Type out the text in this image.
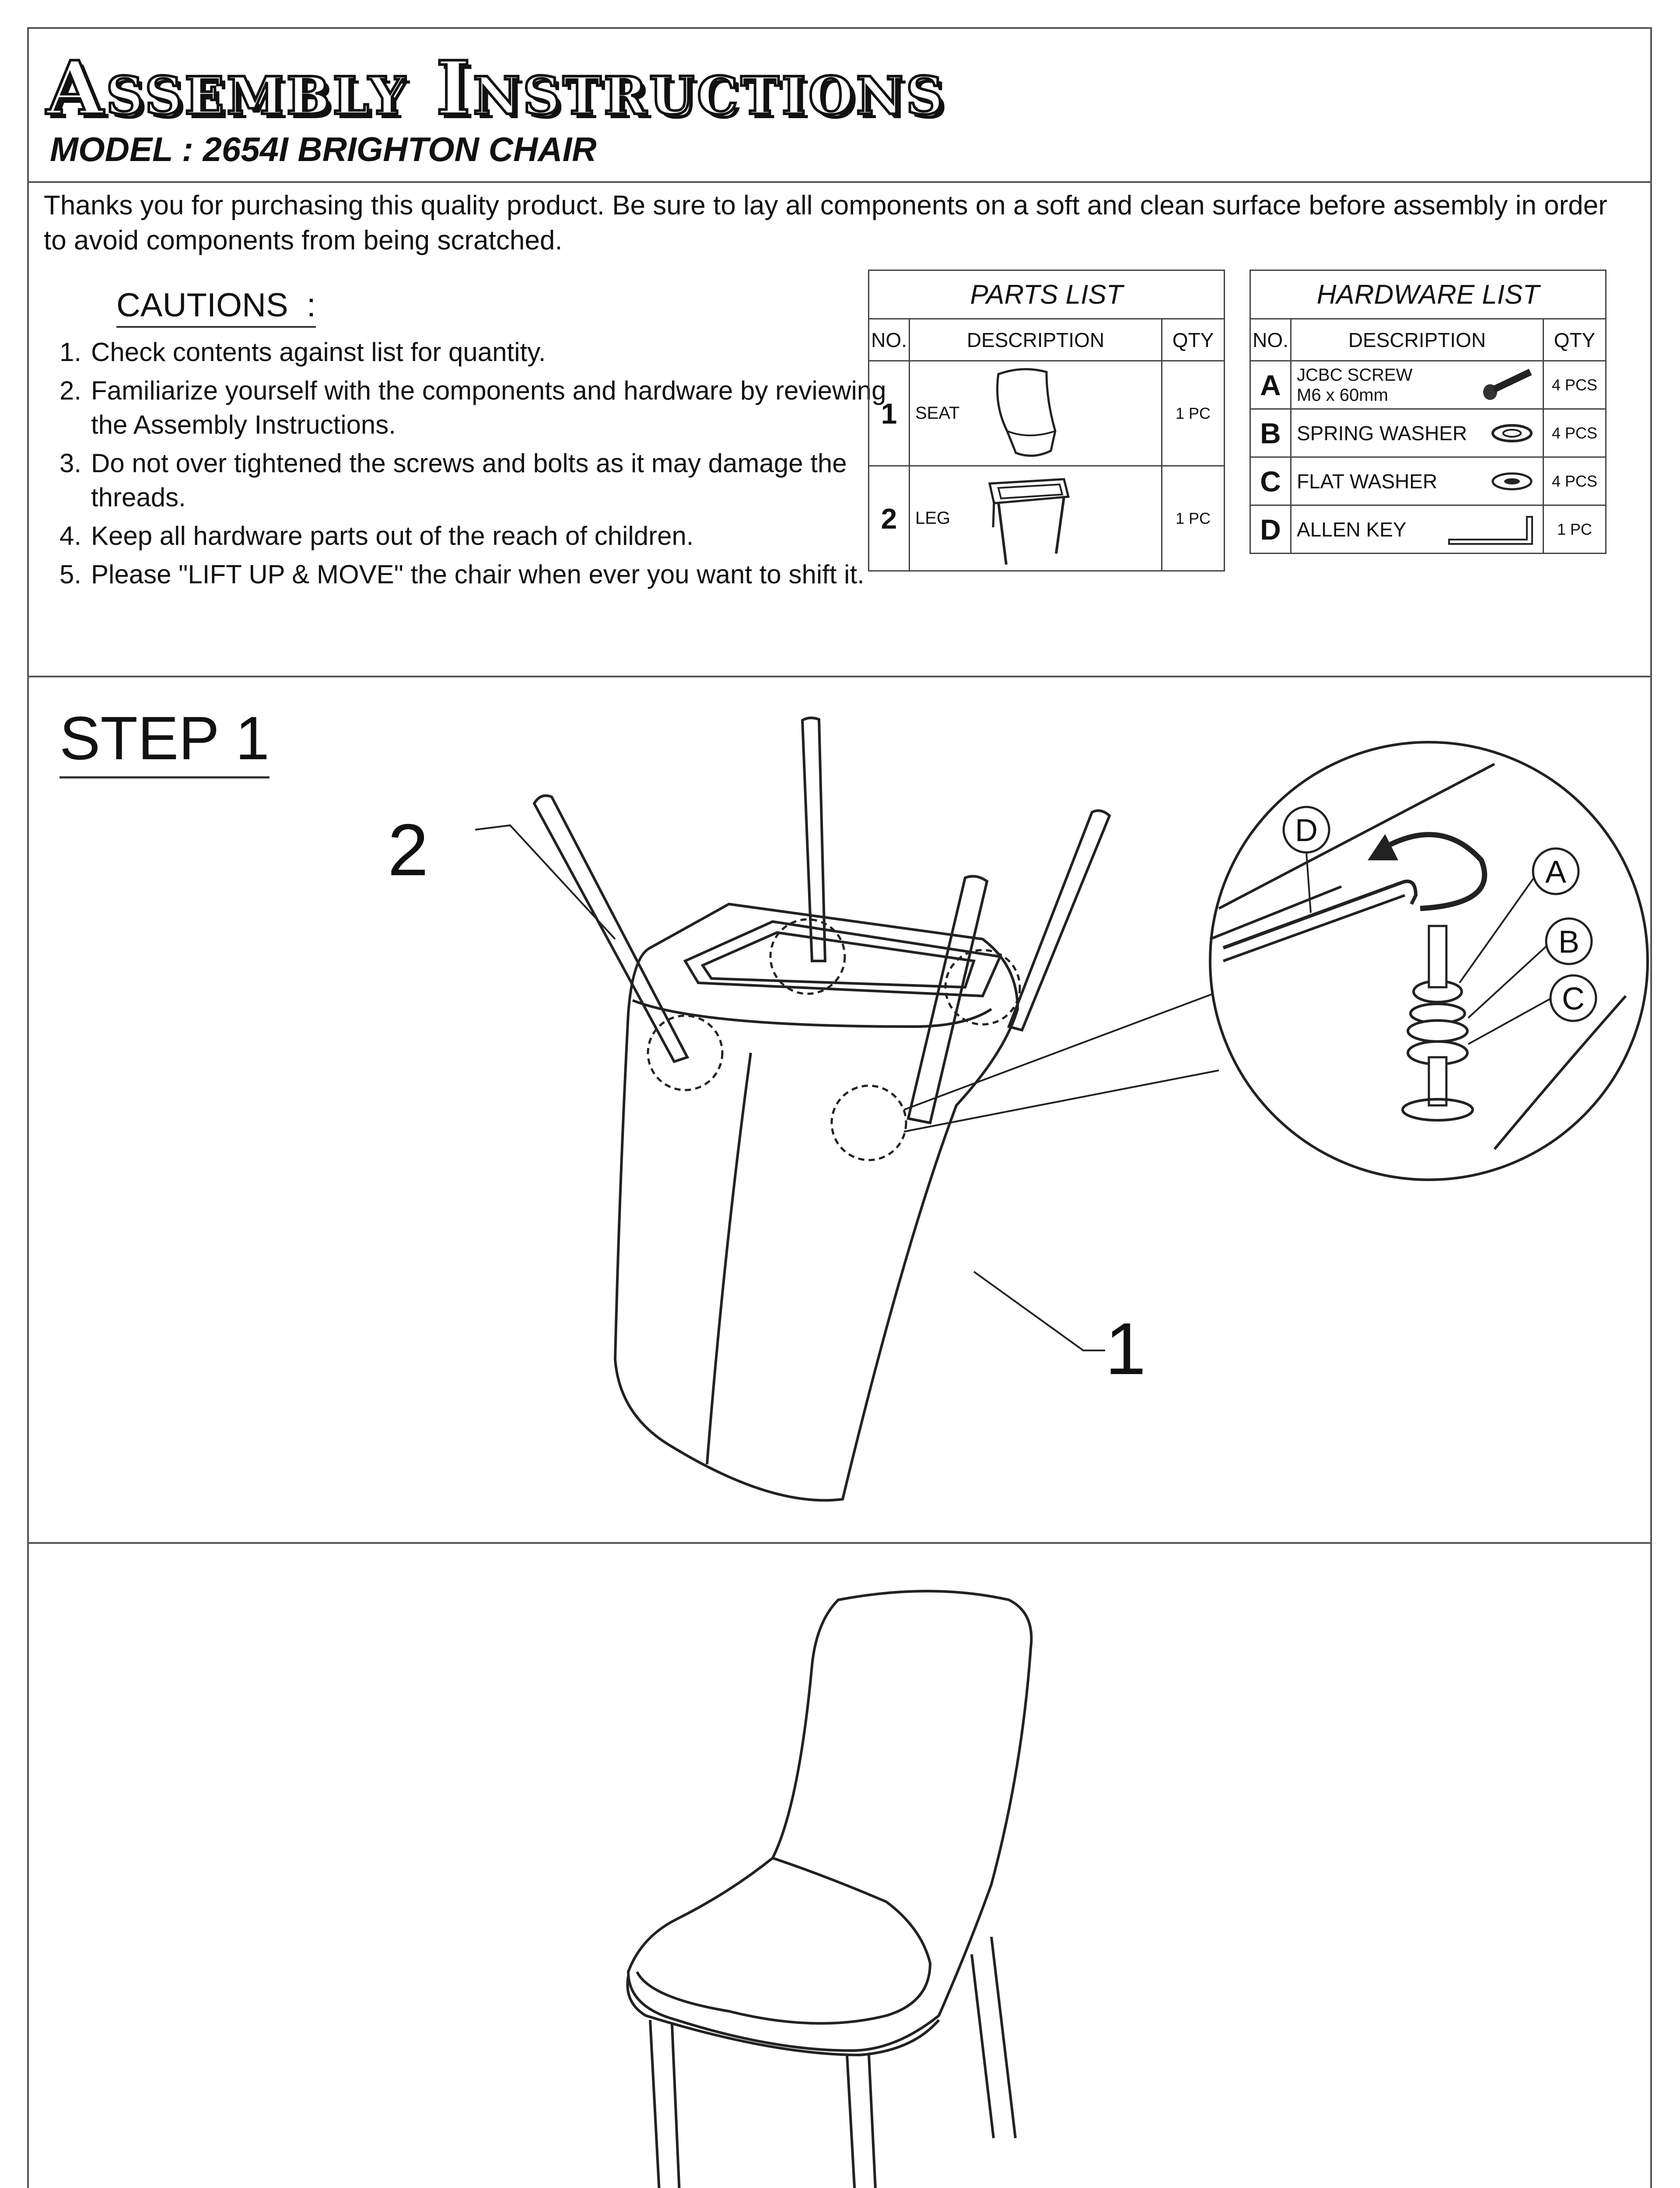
Assembly Instructions
MODEL : 2654I BRIGHTON CHAIR
Thanks you for purchasing this quality product. Be sure to lay all components on a soft and clean surface before assembly in order to avoid components from being scratched.
CAUTIONS  :
1. Check contents against list for quantity.
2. Familiarize yourself with the components and hardware by reviewing the Assembly Instructions.
3. Do not over tightened the screws and bolts as it may damage the threads.
4. Keep all hardware parts out of the reach of children.
5. Please "LIFT UP & MOVE" the chair when ever you want to shift it.
PARTS LIST		
NO.	DESCRIPTION	QTY
1	SEAT	1 PC
2	LEG	1 PC
HARDWARE LIST		
NO.	DESCRIPTION	QTY
A	JCBC SCREW
M6 x 60mm	4 PCS
B	SPRING WASHER	4 PCS
C	FLAT WASHER	4 PCS
D	ALLEN KEY	1 PC
STEP 1
D
A
B
C
2
1
